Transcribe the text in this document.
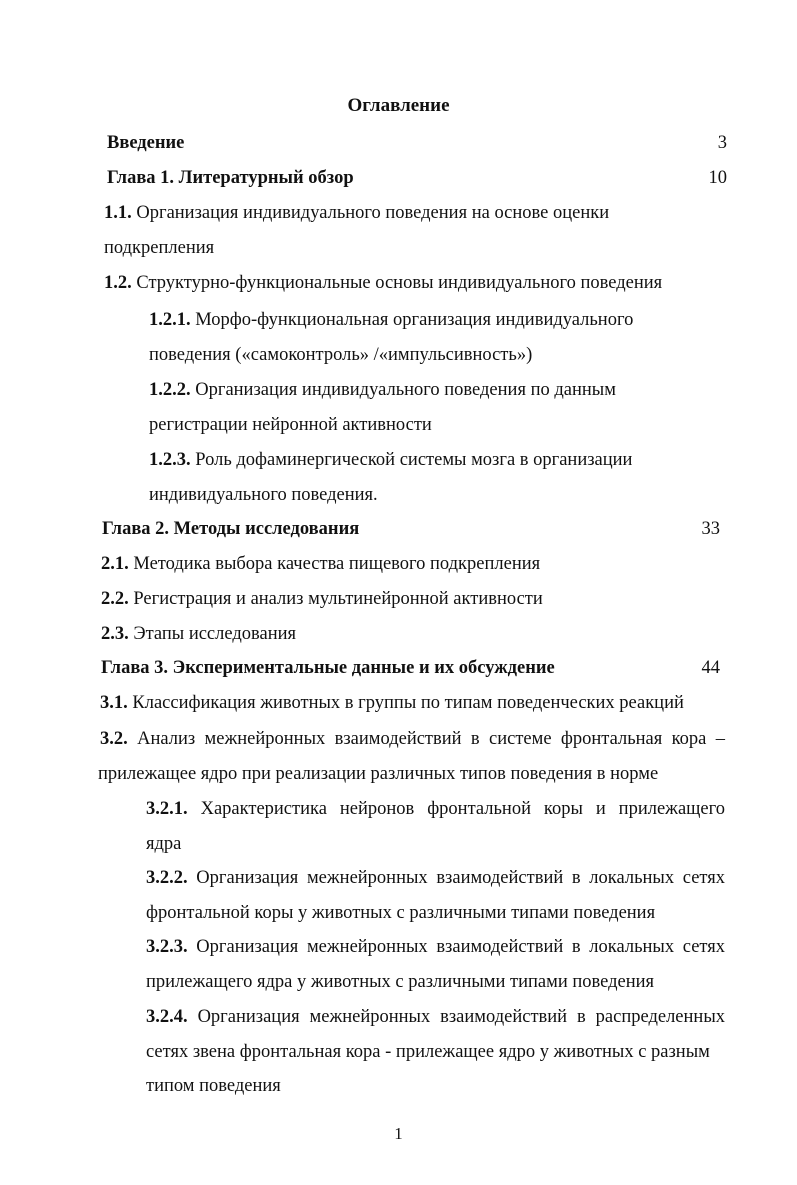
Оглавление
Введение	3
Глава 1. Литературный обзор	10
1.1. Организация индивидуального поведения на основе оценки
подкрепления
1.2. Структурно-функциональные основы индивидуального поведения
1.2.1. Морфо-функциональная организация индивидуального
поведения («самоконтроль» /«импульсивность»)
1.2.2. Организация индивидуального поведения по данным
регистрации нейронной активности
1.2.3. Роль дофаминергической системы мозга в организации
индивидуального поведения.
Глава 2. Методы исследования	33
2.1. Методика выбора качества пищевого подкрепления
2.2. Регистрация и анализ мультинейронной активности
2.3. Этапы исследования
Глава 3. Экспериментальные данные и их обсуждение	44
3.1. Классификация животных в группы по типам поведенческих реакций
3.2. Анализ межнейронных взаимодействий в системе фронтальная кора –
прилежащее ядро при реализации различных типов поведения в норме
3.2.1. Характеристика нейронов фронтальной коры и прилежащего
ядра
3.2.2. Организация межнейронных взаимодействий в локальных сетях
фронтальной коры у животных с различными типами поведения
3.2.3. Организация межнейронных взаимодействий в локальных сетях
прилежащего ядра у животных с различными типами поведения
3.2.4. Организация межнейронных взаимодействий в распределенных
сетях звена фронтальная кора - прилежащее ядро у животных с разным
типом поведения
1
